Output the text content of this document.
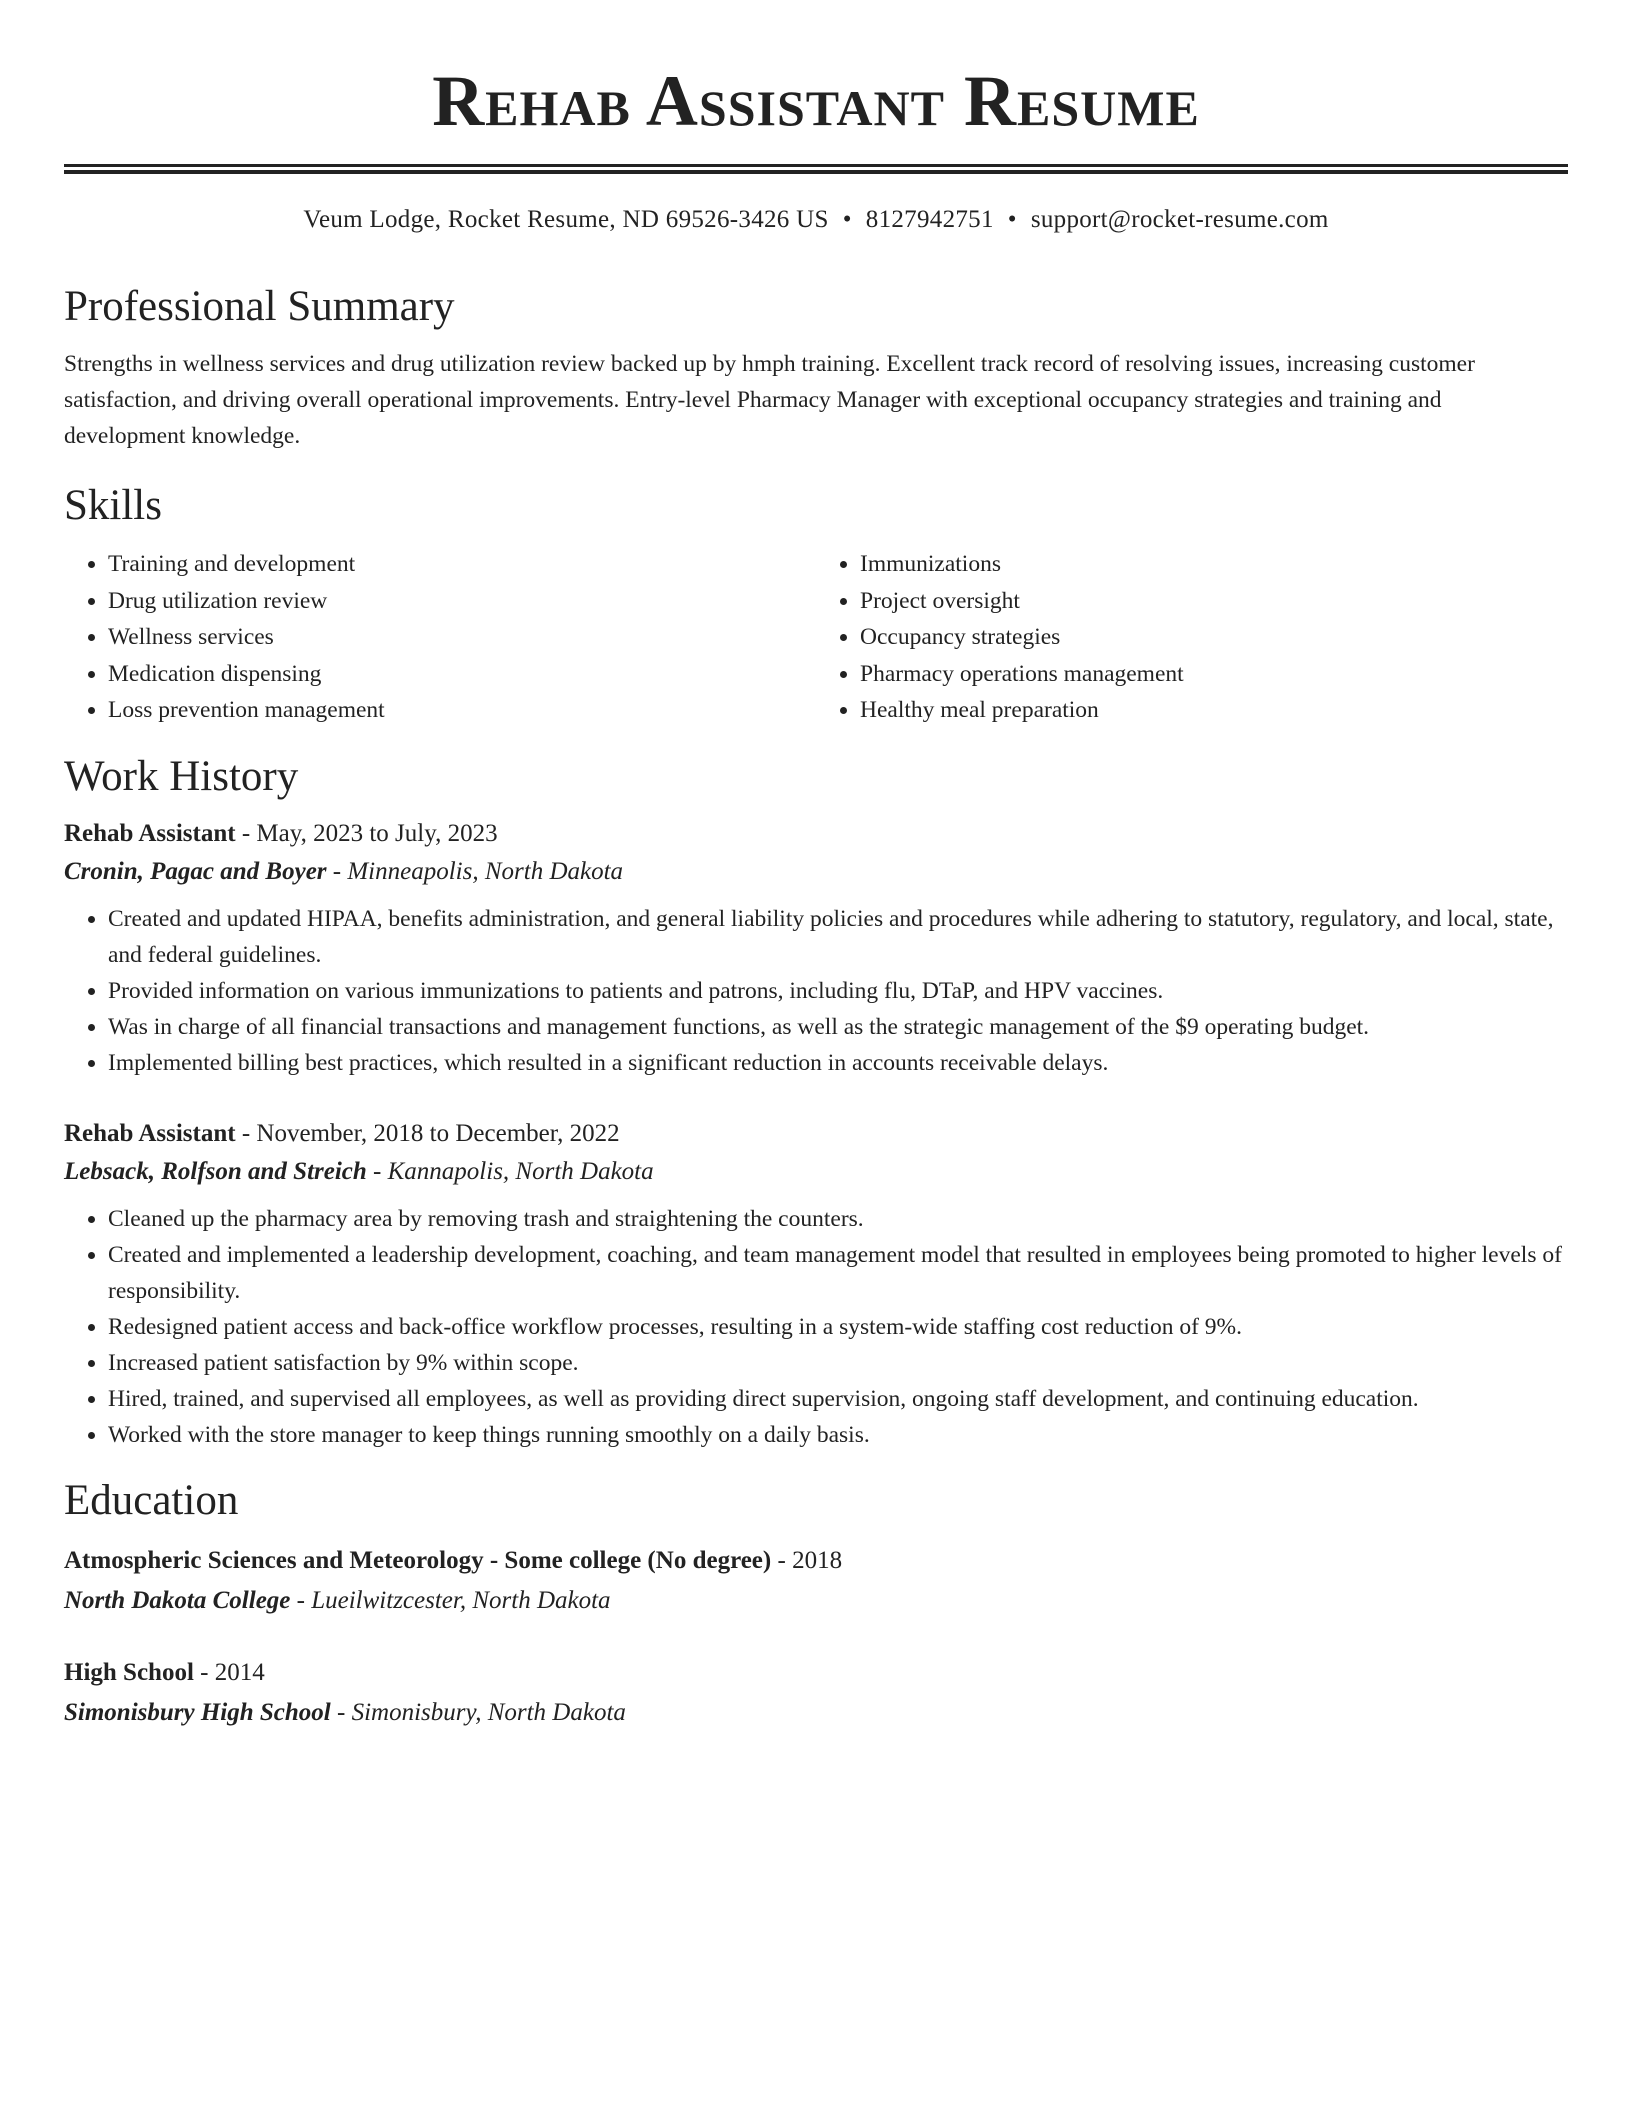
Rehab Assistant Resume
Veum Lodge, Rocket Resume, ND 69526-3426 US • 8127942751 • support@rocket-resume.com
Professional Summary

Strengths in wellness services and drug utilization review backed up by hmph training. Excellent track record of resolving issues, increasing customer satisfaction, and driving overall operational improvements. Entry-level Pharmacy Manager with exceptional occupancy strategies and training and development knowledge.

Skills
• Training and development
• Drug utilization review
• Wellness services
• Medication dispensing
• Loss prevention management
• Immunizations
• Project oversight
• Occupancy strategies
• Pharmacy operations management
• Healthy meal preparation
Work History
Rehab Assistant - May, 2023 to July, 2023
Cronin, Pagac and Boyer - Minneapolis, North Dakota
• Created and updated HIPAA, benefits administration, and general liability policies and procedures while adhering to statutory, regulatory, and local, state, and federal guidelines.
• Provided information on various immunizations to patients and patrons, including flu, DTaP, and HPV vaccines.
• Was in charge of all financial transactions and management functions, as well as the strategic management of the $9 operating budget.
• Implemented billing best practices, which resulted in a significant reduction in accounts receivable delays.
Rehab Assistant - November, 2018 to December, 2022
Lebsack, Rolfson and Streich - Kannapolis, North Dakota
• Cleaned up the pharmacy area by removing trash and straightening the counters.
• Created and implemented a leadership development, coaching, and team management model that resulted in employees being promoted to higher levels of responsibility.
• Redesigned patient access and back-office workflow processes, resulting in a system-wide staffing cost reduction of 9%.
• Increased patient satisfaction by 9% within scope.
• Hired, trained, and supervised all employees, as well as providing direct supervision, ongoing staff development, and continuing education.
• Worked with the store manager to keep things running smoothly on a daily basis.
Education
Atmospheric Sciences and Meteorology - Some college (No degree) - 2018
North Dakota College - Lueilwitzcester, North Dakota
High School - 2014
Simonisbury High School - Simonisbury, North Dakota
